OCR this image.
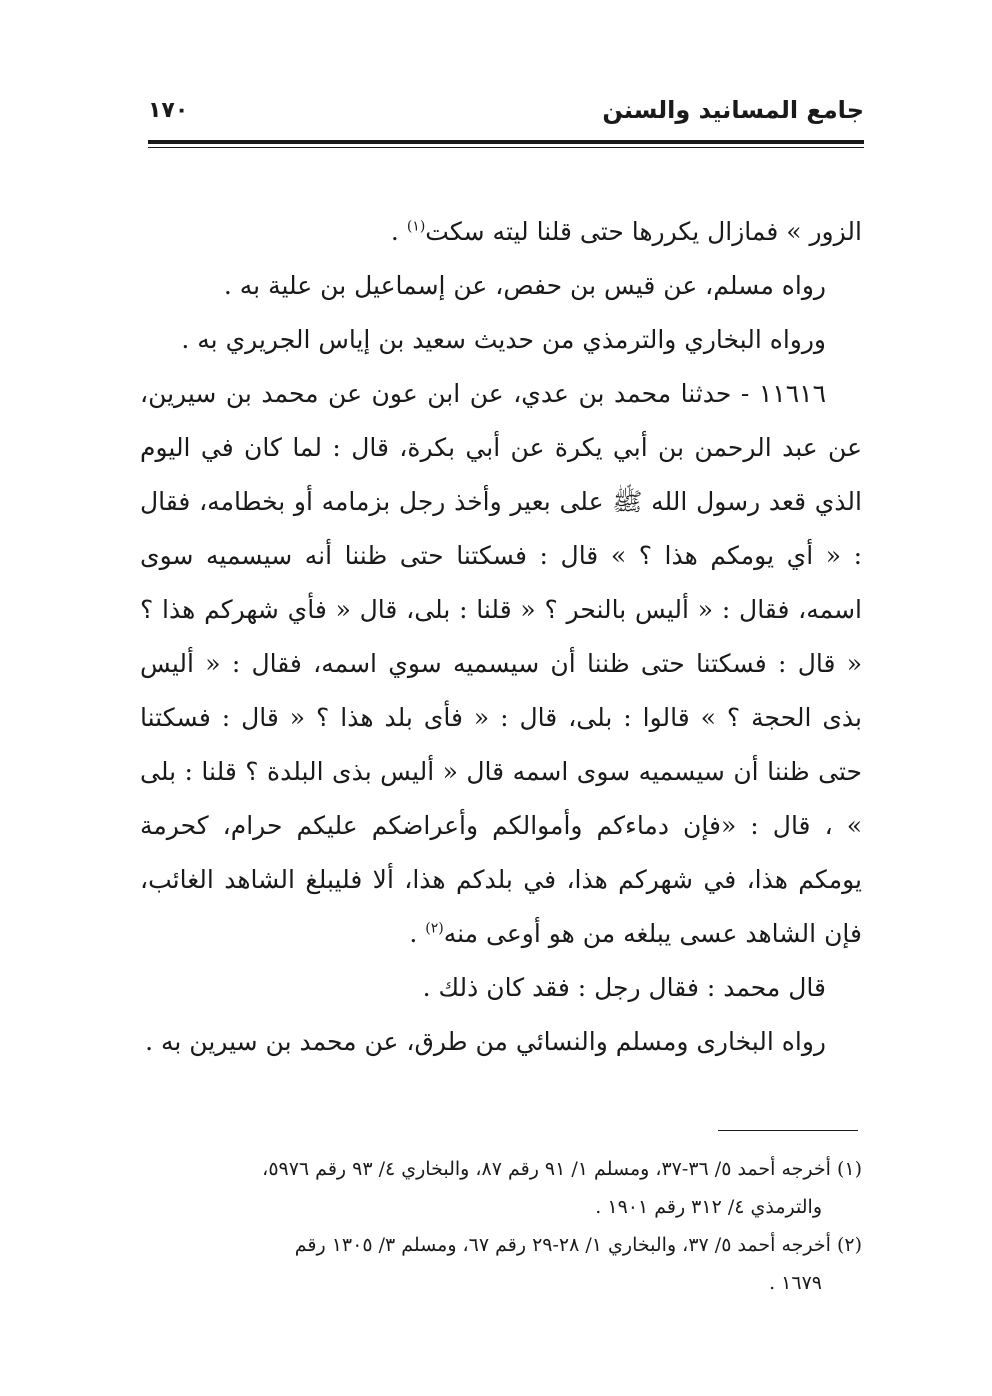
جامع المسانيد والسنن
١٧٠

الزور » فمازال يكررها حتى قلنا ليته سكت$^{(١)}$ .

رواه مسلم، عن قيس بن حفص، عن إسماعيل بن علية به .

ورواه البخاري والترمذي من حديث سعيد بن إياس الجريري به .

١١٦١٦ - حدثنا محمد بن عدي، عن ابن عون عن محمد بن سيرين، عن عبد الرحمن بن أبي يكرة عن أبي بكرة، قال : لما كان في اليوم الذي قعد رسول الله ﷺ على بعير وأخذ رجل بزمامه أو بخطامه، فقال : « أي يومكم هذا ؟ » قال : فسكتنا حتى ظننا أنه سيسميه سوى اسمه، فقال : « أليس بالنحر ؟ « قلنا : بلى، قال « فأي شهركم هذا ؟ « قال : فسكتنا حتى ظننا أن سيسميه سوي اسمه، فقال : « أليس بذى الحجة ؟ » قالوا : بلى، قال : « فأى بلد هذا ؟ « قال : فسكتنا حتى ظننا أن سيسميه سوى اسمه قال « أليس بذى البلدة ؟ قلنا : بلى » ، قال : «فإن دماءكم وأموالكم وأعراضكم عليكم حرام، كحرمة يومكم هذا، في شهركم هذا، في بلدكم هذا، ألا فليبلغ الشاهد الغائب، فإن الشاهد عسى يبلغه من هو أوعى منه$^{(٢)}$ .

قال محمد : فقال رجل : فقد كان ذلك .

رواه البخارى ومسلم والنسائي من طرق، عن محمد بن سيرين به .

(١) أخرجه أحمد ٥/ ٣٦-٣٧، ومسلم ١/ ٩١ رقم ٨٧، والبخاري ٤/ ٩٣ رقم ٥٩٧٦،

والترمذي ٤/ ٣١٢ رقم ١٩٠١ .

(٢) أخرجه أحمد ٥/ ٣٧، والبخاري ١/ ٢٨-٢٩ رقم ٦٧، ومسلم ٣/ ١٣٠٥ رقم

١٦٧٩ .
